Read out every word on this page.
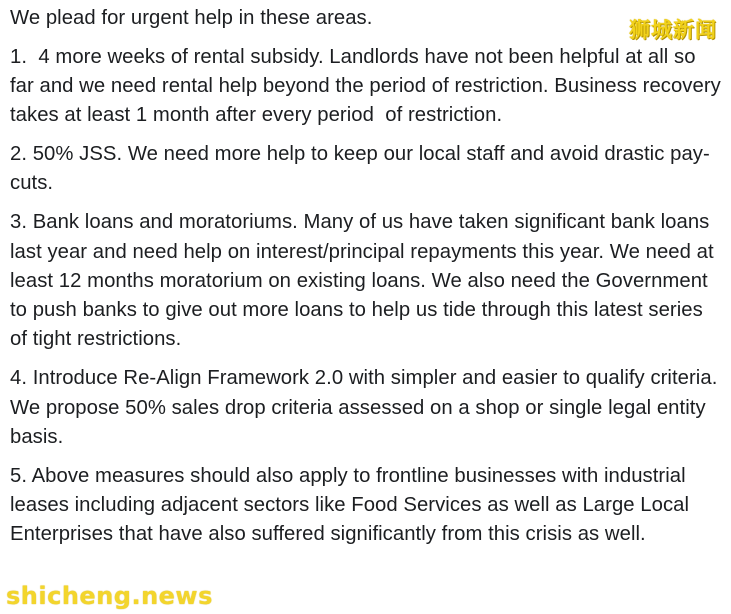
We plead for urgent help in these areas.

1.  4 more weeks of rental subsidy. Landlords have not been helpful at all so far and we need rental help beyond the period of restriction. Business recovery takes at least 1 month after every period  of restriction.

2. 50% JSS. We need more help to keep our local staff and avoid drastic pay-cuts.

3. Bank loans and moratoriums. Many of us have taken significant bank loans last year and need help on interest/principal repayments this year. We need at least 12 months moratorium on existing loans. We also need the Government to push banks to give out more loans to help us tide through this latest series of tight restrictions.

4. Introduce Re-Align Framework 2.0 with simpler and easier to qualify criteria. We propose 50% sales drop criteria assessed on a shop or single legal entity basis.

5. Above measures should also apply to frontline businesses with industrial leases including adjacent sectors like Food Services as well as Large Local Enterprises that have also suffered significantly from this crisis as well.

狮城新闻
shicheng.news
